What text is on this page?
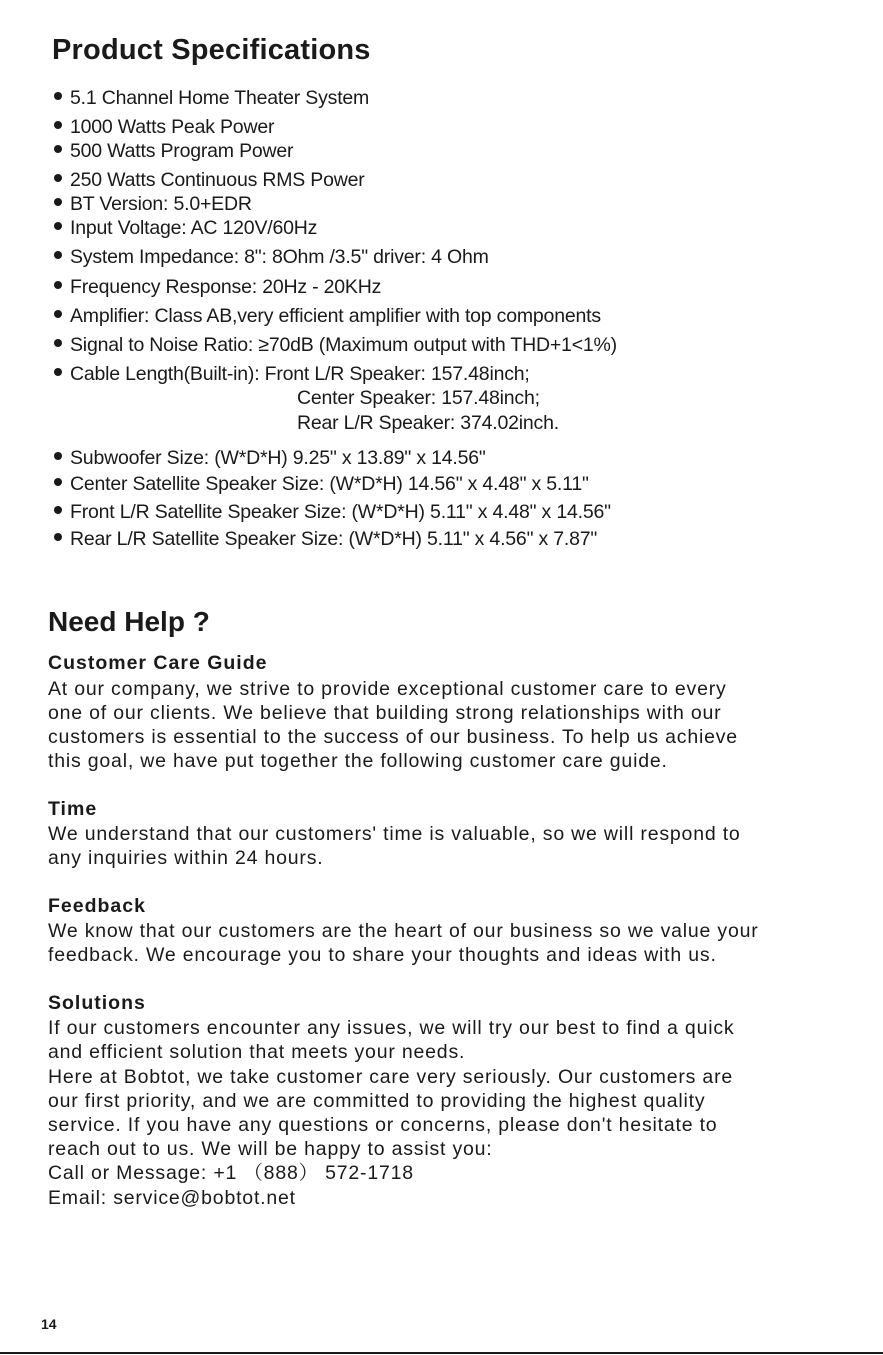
Product Specifications
5.1 Channel Home Theater System
1000 Watts Peak Power
500 Watts Program Power
250 Watts Continuous RMS Power
BT Version: 5.0+EDR
Input Voltage: AC 120V/60Hz
System Impedance: 8": 8Ohm /3.5" driver: 4 Ohm
Frequency Response: 20Hz - 20KHz
Amplifier: Class AB,very efficient amplifier with top components
Signal to Noise Ratio: ≥70dB (Maximum output with THD+1<1%)
Cable Length(Built-in): Front L/R Speaker: 157.48inch;
Center Speaker: 157.48inch;
Rear L/R Speaker: 374.02inch.
Subwoofer Size: (W*D*H) 9.25" x 13.89" x 14.56"
Center Satellite Speaker Size: (W*D*H) 14.56" x 4.48" x 5.11"
Front L/R Satellite Speaker Size: (W*D*H) 5.11" x 4.48" x 14.56"
Rear L/R Satellite Speaker Size: (W*D*H) 5.11" x 4.56" x 7.87"
Need Help ?
Customer Care Guide
At our company, we strive to provide exceptional customer care to every
one of our clients. We believe that building strong relationships with our
customers is essential to the success of our business. To help us achieve
this goal, we have put together the following customer care guide.
Time
We understand that our customers' time is valuable, so we will respond to
any inquiries within 24 hours.
Feedback
We know that our customers are the heart of our business so we value your
feedback. We encourage you to share your thoughts and ideas with us.
Solutions
If our customers encounter any issues, we will try our best to find a quick
and efficient solution that meets your needs.
Here at Bobtot, we take customer care very seriously. Our customers are
our first priority, and we are committed to providing the highest quality
service. If you have any questions or concerns, please don't hesitate to
reach out to us. We will be happy to assist you:
Call or Message: +1 （888） 572-1718
Email: service@bobtot.net
14
